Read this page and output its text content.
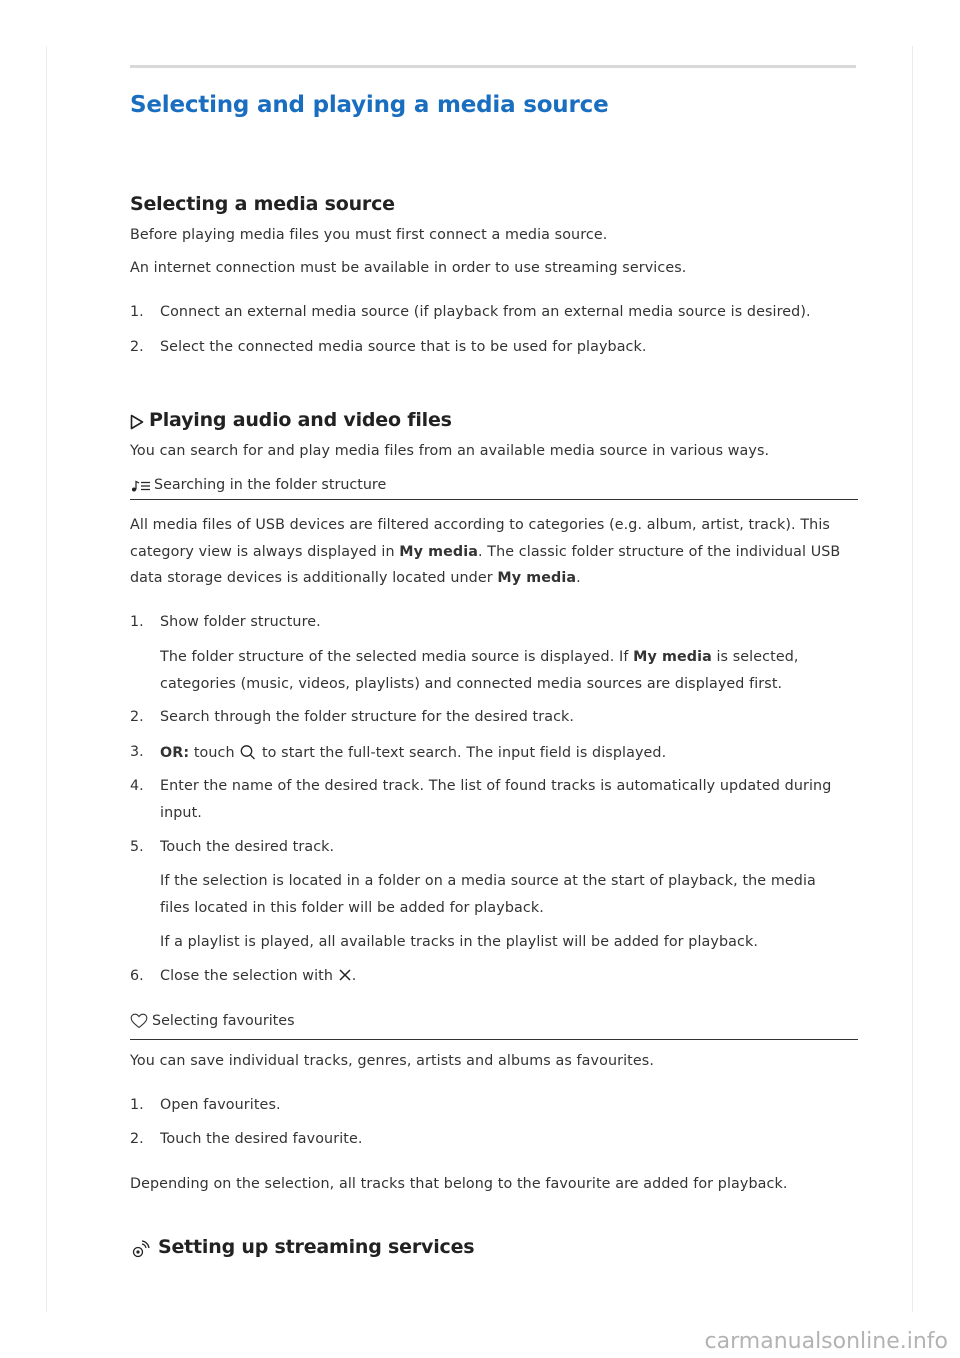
Selecting and playing a media source
Selecting a media source
Before playing media files you must first connect a media source.
An internet connection must be available in order to use streaming services.
1. Connect an external media source (if playback from an external media source is desired).
2. Select the connected media source that is to be used for playback.
Playing audio and video files
You can search for and play media files from an available media source in various ways.
Searching in the folder structure
All media files of USB devices are filtered according to categories (e.g. album, artist, track). This
category view is always displayed in My media. The classic folder structure of the individual USB
data storage devices is additionally located under My media.
1. Show folder structure.
The folder structure of the selected media source is displayed. If My media is selected,
categories (music, videos, playlists) and connected media sources are displayed first.
2. Search through the folder structure for the desired track.
3. OR: touch  to start the full-text search. The input field is displayed.
4. Enter the name of the desired track. The list of found tracks is automatically updated during
input.
5. Touch the desired track.
If the selection is located in a folder on a media source at the start of playback, the media
files located in this folder will be added for playback.
If a playlist is played, all available tracks in the playlist will be added for playback.
6. Close the selection with .
Selecting favourites
You can save individual tracks, genres, artists and albums as favourites.
1. Open favourites.
2. Touch the desired favourite.
Depending on the selection, all tracks that belong to the favourite are added for playback.
Setting up streaming services
carmanualsonline.info
